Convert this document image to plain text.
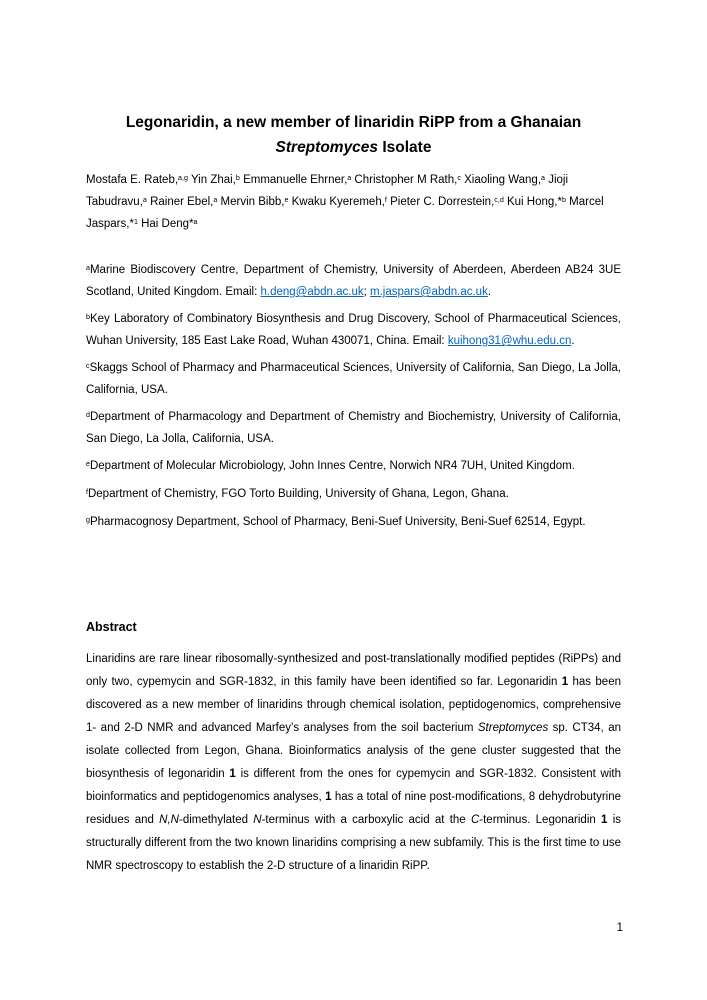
Legonaridin, a new member of linaridin RiPP from a Ghanaian
Streptomyces Isolate

Mostafa E. Rateb,$^{a,g}$ Yin Zhai,$^b$ Emmanuelle Ehrner,$^a$ Christopher M Rath,$^c$ Xiaoling Wang,$^a$ Jioji Tabudravu,$^a$ Rainer Ebel,$^a$ Mervin Bibb,$^e$ Kwaku Kyeremeh,$^f$ Pieter C. Dorrestein,$^{c,d}$ Kui Hong,*$^b$ Marcel Jaspars,*$^1$ Hai Deng*$^a$

$^a$Marine Biodiscovery Centre, Department of Chemistry, University of Aberdeen, Aberdeen AB24 3UE Scotland, United Kingdom. Email: h.deng@abdn.ac.uk; m.jaspars@abdn.ac.uk.

$^b$Key Laboratory of Combinatory Biosynthesis and Drug Discovery, School of Pharmaceutical Sciences, Wuhan University, 185 East Lake Road, Wuhan 430071, China. Email: kuihong31@whu.edu.cn.

$^c$Skaggs School of Pharmacy and Pharmaceutical Sciences, University of California, San Diego, La Jolla, California, USA.

$^d$Department of Pharmacology and Department of Chemistry and Biochemistry, University of California, San Diego, La Jolla, California, USA.

$^e$Department of Molecular Microbiology, John Innes Centre, Norwich NR4 7UH, United Kingdom.

$^f$Department of Chemistry, FGO Torto Building, University of Ghana, Legon, Ghana.

$^g$Pharmacognosy Department, School of Pharmacy, Beni-Suef University, Beni-Suef 62514, Egypt.

Abstract

Linaridins are rare linear ribosomally-synthesized and post-translationally modified peptides (RiPPs) and only two, cypemycin and SGR-1832, in this family have been identified so far. Legonaridin 1 has been discovered as a new member of linaridins through chemical isolation, peptidogenomics, comprehensive 1- and 2-D NMR and advanced Marfey’s analyses from the soil bacterium Streptomyces sp. CT34, an isolate collected from Legon, Ghana. Bioinformatics analysis of the gene cluster suggested that the biosynthesis of legonaridin 1 is different from the ones for cypemycin and SGR-1832. Consistent with bioinformatics and peptidogenomics analyses, 1 has a total of nine post-modifications, 8 dehydrobutyrine residues and N,N-dimethylated N-terminus with a carboxylic acid at the C-terminus. Legonaridin 1 is structurally different from the two known linaridins comprising a new subfamily. This is the first time to use NMR spectroscopy to establish the 2-D structure of a linaridin RiPP.

1
